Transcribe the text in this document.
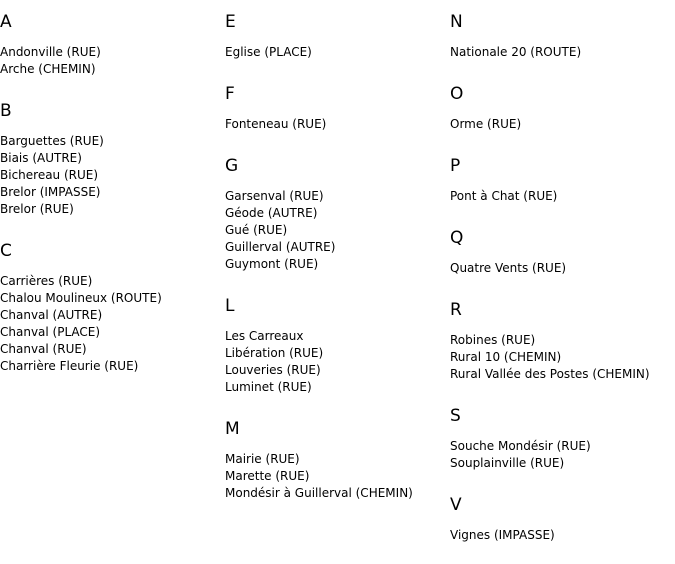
A
Andonville (RUE)
Arche (CHEMIN)
B
Barguettes (RUE)
Biais (AUTRE)
Bichereau (RUE)
Brelor (IMPASSE)
Brelor (RUE)
C
Carrières (RUE)
Chalou Moulineux (ROUTE)
Chanval (AUTRE)
Chanval (PLACE)
Chanval (RUE)
Charrière Fleurie (RUE)
E
Eglise (PLACE)
F
Fonteneau (RUE)
G
Garsenval (RUE)
Géode (AUTRE)
Gué (RUE)
Guillerval (AUTRE)
Guymont (RUE)
L
Les Carreaux
Libération (RUE)
Louveries (RUE)
Luminet (RUE)
M
Mairie (RUE)
Marette (RUE)
Mondésir à Guillerval (CHEMIN)
N
Nationale 20 (ROUTE)
O
Orme (RUE)
P
Pont à Chat (RUE)
Q
Quatre Vents (RUE)
R
Robines (RUE)
Rural 10 (CHEMIN)
Rural Vallée des Postes (CHEMIN)
S
Souche Mondésir (RUE)
Souplainville (RUE)
V
Vignes (IMPASSE)
